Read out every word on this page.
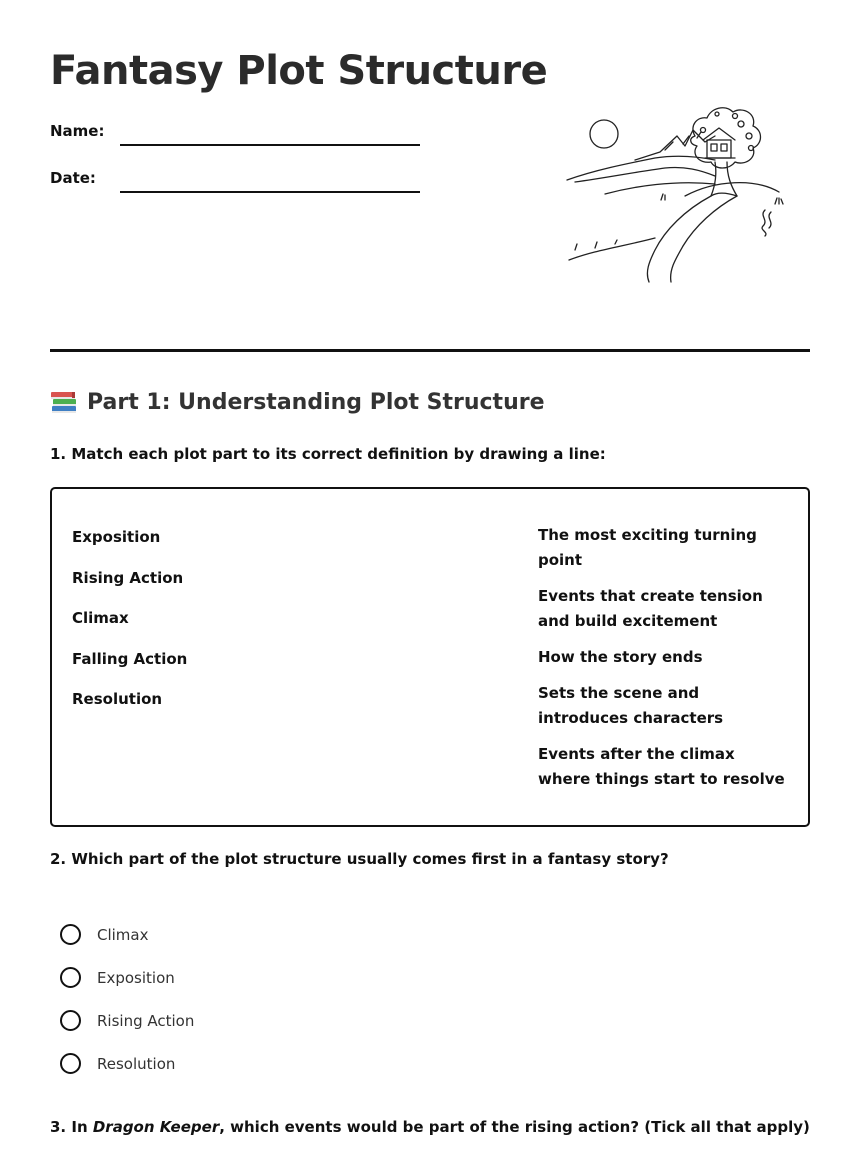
Fantasy Plot Structure
Name:
Date:
Part 1: Understanding Plot Structure

1. Match each plot part to its correct definition by drawing a line:

Exposition
Rising Action
Climax
Falling Action
Resolution
The most exciting turning point
Events that create tension and build excitement
How the story ends
Sets the scene and introduces characters
Events after the climax where things start to resolve

2. Which part of the plot structure usually comes first in a fantasy story?

Climax
Exposition
Rising Action
Resolution

3. In Dragon Keeper, which events would be part of the rising action? (Tick all that apply)
